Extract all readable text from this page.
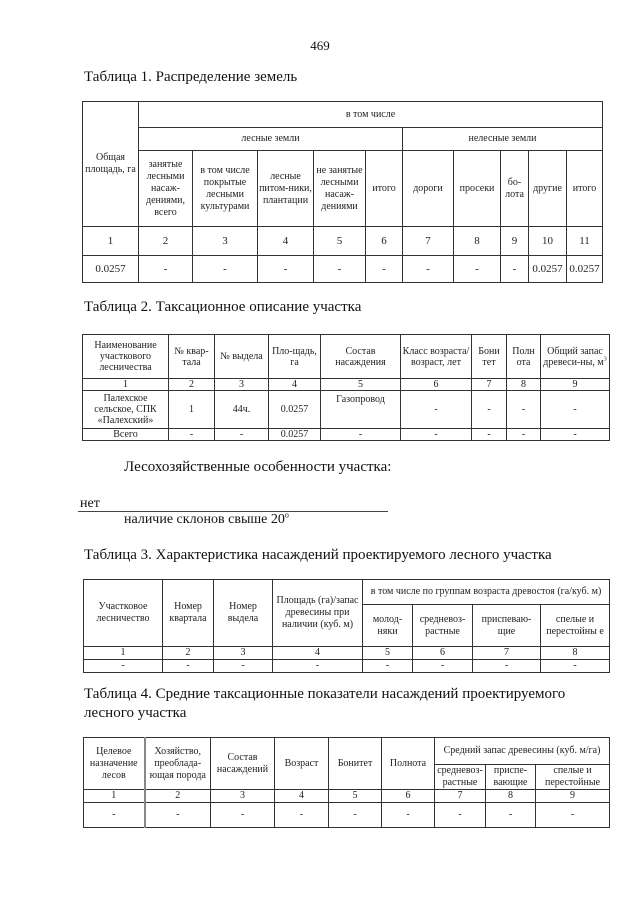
469
Таблица 1. Распределение земель
Общая площадь, га	в том числе									
	лесные земли					нелесные земли				
	занятые лесными насаж-дениями, всего	в том числе покрытые лесными культурами	лесные питом-ники, плантации	не занятые лесными насаж-дениями	итого	дороги	просеки	бо-лота	другие	итого
1	2	3	4	5	6	7	8	9	10	11
0.0257	-	-	-	-	-	-	-	-	0.0257	0.0257
Таблица 2. Таксационное описание участка
Наименование участкового лесничества	№ квар-тала	№ выдела	Пло-щадь, га	Состав насаждения	Класс возраста/ возраст, лет	Бони тет	Полн ота	Общий запас древеси-ны, $м^3$
1	2	3	4	5	6	7	8	9
Палехское сельское, СПК «Палехский»	1	44ч.	0.0257	Газопровод	-	-	-	-
Всего	-	-	0.0257	-	-	-	-	-
Лесохозяйственные особенности участка:
нет
наличие склонов свыше $20^о$
Таблица 3. Характеристика насаждений проектируемого лесного участка
Участковое лесничество	Номер квартала	Номер выдела	Площадь (га)/запас древесины при наличии (куб. м)	в том числе по группам возраста древостоя (га/куб. м)			
				молод-няки	средневоз-растные	приспеваю-щие	спелые и перестойны е
1	2	3	4	5	6	7	8
-	-	-	-	-	-	-	-
Таблица 4. Средние таксационные показатели насаждений проектируемого
лесного участка
Целевое назначение лесов	Хозяйство, преоблада-ющая порода	Состав насаждений	Возраст	Бонитет	Полнота	Средний запас древесины (куб. м/га)		
						средневоз-растные	приспе-вающие	спелые и перестойные
1	2	3	4	5	6	7	8	9
-	-	-	-	-	-	-	-	-
